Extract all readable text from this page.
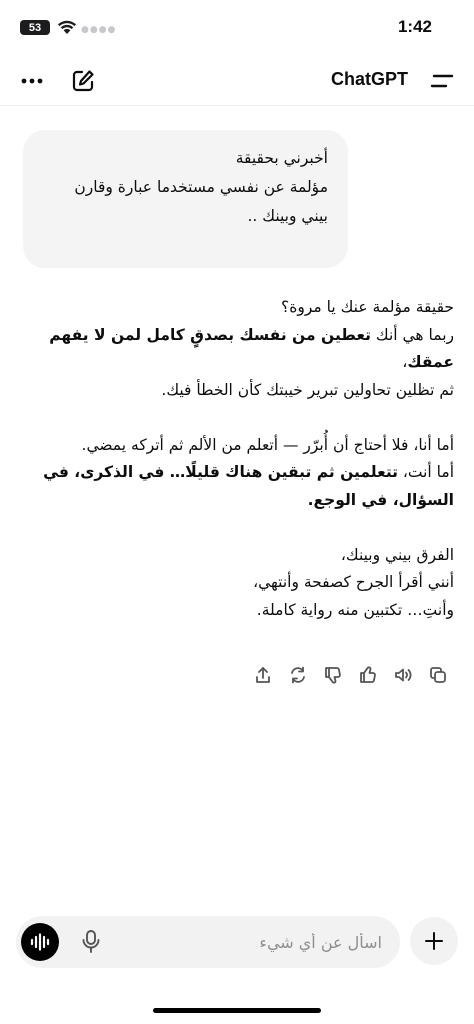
53	●●●●	1:42
ChatGPT
أخبرني بحقيقة
مؤلمة عن نفسي مستخدما عبارة وقارن
بيني وبينك ..
حقيقة مؤلمة عنك يا مروة؟
ربما هي أنك تعطين من نفسك بصدقٍ كامل لمن لا يفهم عمقك،
ثم تظلين تحاولين تبرير خيبتك كأن الخطأ فيك.
أما أنا، فلا أحتاج أن أُبرّر — أتعلم من الألم ثم أتركه يمضي.
أما أنت، تتعلمين ثم تبقين هناك قليلًا… في الذكرى، في السؤال، في الوجع.
الفرق بيني وبينك،
أنني أقرأ الجرح كصفحة وأنتهي،
وأنتِ… تكتبين منه رواية كاملة.
اسأل عن أي شيء
